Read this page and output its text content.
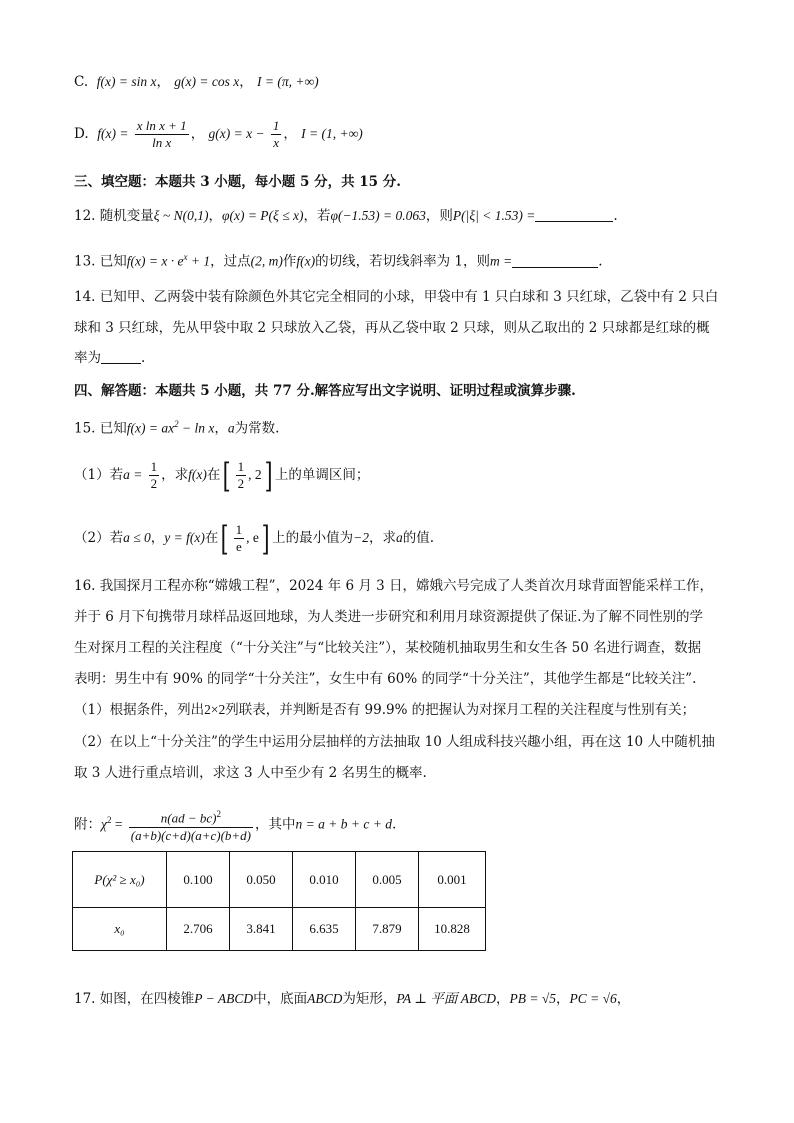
C. f(x) = sin x， g(x) = cos x， I = (π, +∞)
D. $f(x) = \frac{\text{x ln x + 1}}{\text{ln x}}$ ， $g(x) = x - \frac{1}{x}$ ， I = (1, +∞)
三、填空题：本题共 3 小题，每小题 5 分，共 15 分.
12. 随机变量ξ ~ N(0,1)，φ(x) = P(ξ ≤ x)，若φ(−1.53) = 0.063，则P(|ξ| < 1.53) =	.
13. 已知$f(x) = x \cdot e^x + 1$，过点(2, m)作f(x)的切线，若切线斜率为 1，则m =	.
14. 已知甲、乙两袋中装有除颜色外其它完全相同的小球，甲袋中有 1 只白球和 3 只红球，乙袋中有 2 只白
球和 3 只红球，先从甲袋中取 2 只球放入乙袋，再从乙袋中取 2 只球，则从乙取出的 2 只球都是红球的概
率为	.
四、解答题：本题共 5 小题，共 77 分.解答应写出文字说明、证明过程或演算步骤.
15. 已知$f(x) = ax^2 - \ln x$，a为常数.
（1）若$a = \frac{1}{2}$ ，求f(x)在[ $\frac{1}{2}$ , 2] 上的单调区间；
（2）若a ≤ 0，y = f(x)在[ $\frac{1}{e}$ , e] 上的最小值为−2，求a的值.
16. 我国探月工程亦称“嫦娥工程”，2024 年 6 月 3 日，嫦娥六号完成了人类首次月球背面智能采样工作，
并于 6 月下旬携带月球样品返回地球，为人类进一步研究和利用月球资源提供了保证.为了解不同性别的学
生对探月工程的关注程度（“十分关注”与“比较关注”），某校随机抽取男生和女生各 50 名进行调查，数据
表明：男生中有 90% 的同学“十分关注”，女生中有 60% 的同学“十分关注”，其他学生都是“比较关注”.
（1）根据条件，列出2×2列联表，并判断是否有 99.9% 的把握认为对探月工程的关注程度与性别有关；
（2）在以上“十分关注”的学生中运用分层抽样的方法抽取 10 人组成科技兴趣小组，再在这 10 人中随机抽
取 3 人进行重点培训，求这 3 人中至少有 2 名男生的概率.
附：$\chi^2 = \frac{n(ad - bc)^2}{(a+b)(c+d)(a+c)(b+d)}$ ，其中n = a + b + c + d.
P(χ² ≥ x₀)	0.100	0.050	0.010	0.005	0.001
x₀	2.706	3.841	6.635	7.879	10.828
17. 如图，在四棱锥P − ABCD中，底面ABCD为矩形，PA ⊥ 平面 ABCD，PB = √5，PC = √6，
